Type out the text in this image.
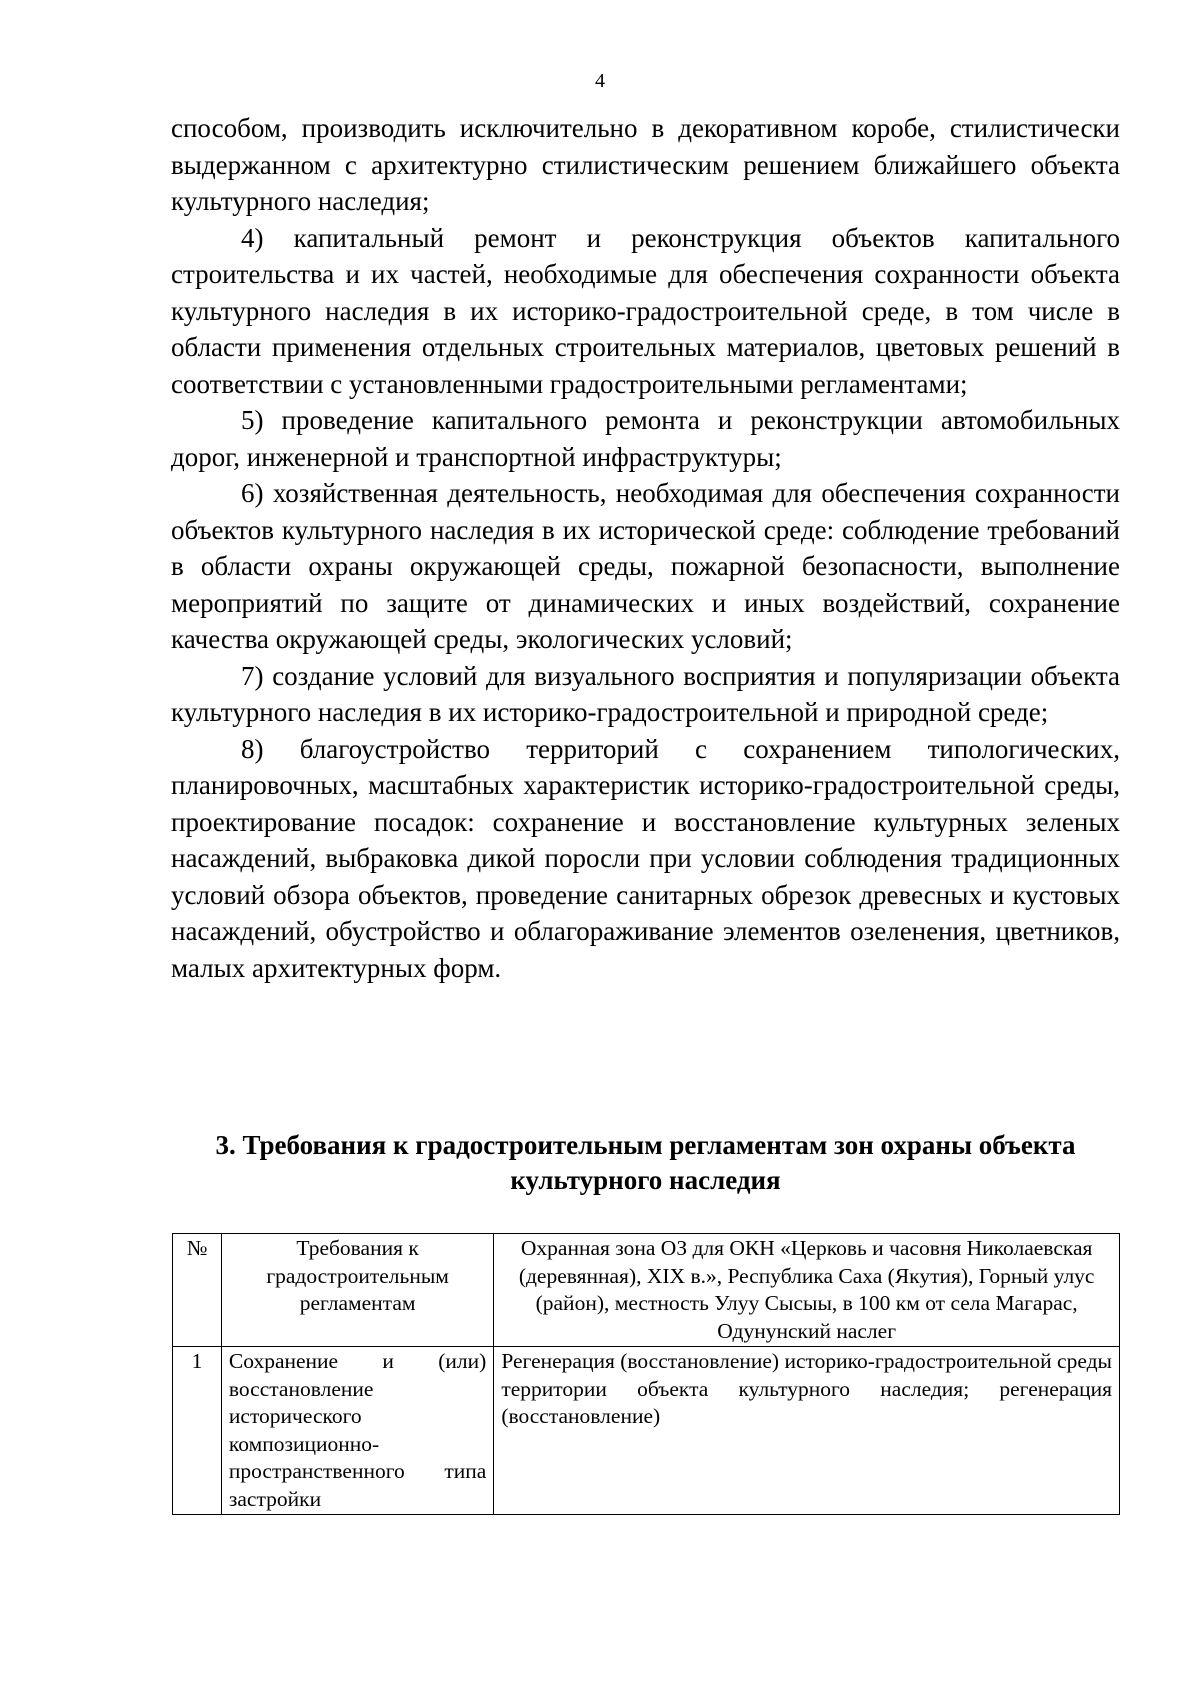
4

способом, производить исключительно в декоративном коробе, стилистически выдержанном с архитектурно стилистическим решением ближайшего объекта культурного наследия;

4) капитальный ремонт и реконструкция объектов капитального строительства и их частей, необходимые для обеспечения сохранности объекта культурного наследия в их историко-градостроительной среде, в том числе в области применения отдельных строительных материалов, цветовых решений в соответствии с установленными градостроительными регламентами;

5) проведение капитального ремонта и реконструкции автомобильных дорог, инженерной и транспортной инфраструктуры;

6) хозяйственная деятельность, необходимая для обеспечения сохранности объектов культурного наследия в их исторической среде: соблюдение требований в области охраны окружающей среды, пожарной безопасности, выполнение мероприятий по защите от динамических и иных воздействий, сохранение качества окружающей среды, экологических условий;

7) создание условий для визуального восприятия и популяризации объекта культурного наследия в их историко-градостроительной и природной среде;

8) благоустройство территорий с сохранением типологических, планировочных, масштабных характеристик историко-градостроительной среды, проектирование посадок: сохранение и восстановление культурных зеленых насаждений, выбраковка дикой поросли при условии соблюдения традиционных условий обзора объектов, проведение санитарных обрезок древесных и кустовых насаждений, обустройство и облагораживание элементов озеленения, цветников, малых архитектурных форм.

3. Требования к градостроительным регламентам зон охраны объекта культурного наследия
№	Требования к градостроительным регламентам	Охранная зона ОЗ для ОКН «Церковь и часовня Николаевская (деревянная), XIX в.», Республика Саха (Якутия), Горный улус (район), местность Улуу Сысыы, в 100 км от села Магарас, Одунунский наслег
1	Сохранение и (или) восстановление исторического композиционно-пространственного типа застройки	Регенерация (восстановление) историко-градостроительной среды территории объекта культурного наследия; регенерация (восстановление)
